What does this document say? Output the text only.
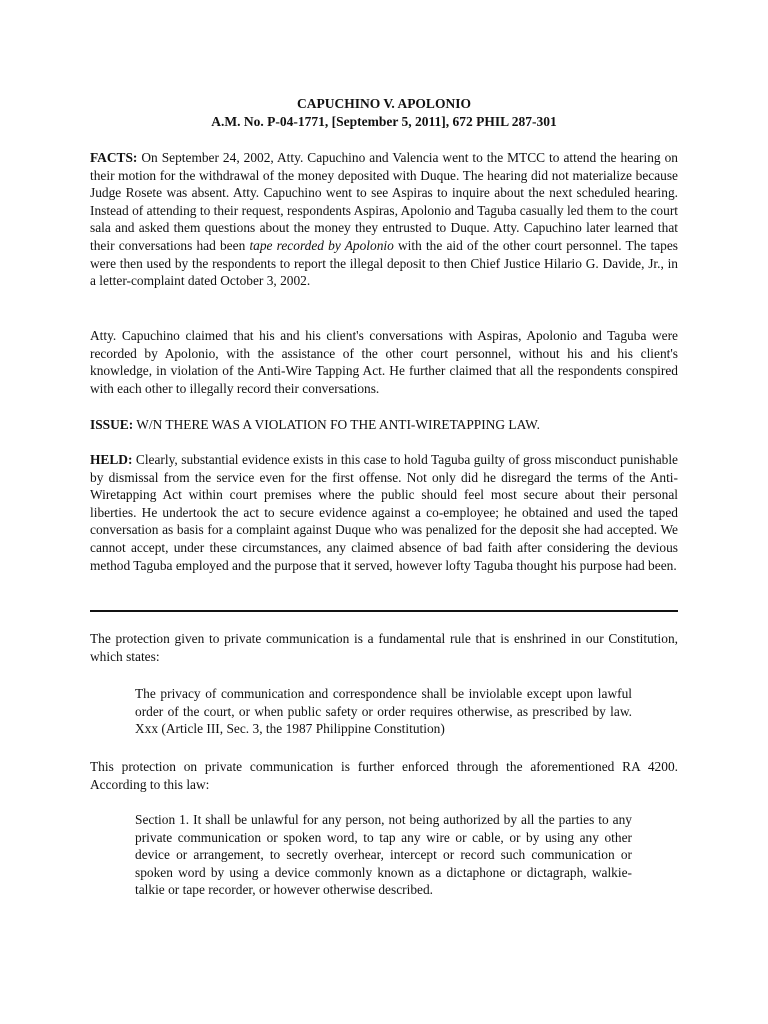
CAPUCHINO V. APOLONIO

A.M. No. P-04-1771, [September 5, 2011], 672 PHIL 287-301

FACTS: On September 24, 2002, Atty. Capuchino and Valencia went to the MTCC to attend the hearing on their motion for the withdrawal of the money deposited with Duque. The hearing did not materialize because Judge Rosete was absent. Atty. Capuchino went to see Aspiras to inquire about the next scheduled hearing. Instead of attending to their request, respondents Aspiras, Apolonio and Taguba casually led them to the court sala and asked them questions about the money they entrusted to Duque. Atty. Capuchino later learned that their conversations had been tape recorded by Apolonio with the aid of the other court personnel. The tapes were then used by the respondents to report the illegal deposit to then Chief Justice Hilario G. Davide, Jr., in a letter-complaint dated October 3, 2002.

Atty. Capuchino claimed that his and his client's conversations with Aspiras, Apolonio and Taguba were recorded by Apolonio, with the assistance of the other court personnel, without his and his client's knowledge, in violation of the Anti-Wire Tapping Act. He further claimed that all the respondents conspired with each other to illegally record their conversations.

ISSUE: W/N THERE WAS A VIOLATION FO THE ANTI-WIRETAPPING LAW.

HELD: Clearly, substantial evidence exists in this case to hold Taguba guilty of gross misconduct punishable by dismissal from the service even for the first offense. Not only did he disregard the terms of the Anti-Wiretapping Act within court premises where the public should feel most secure about their personal liberties. He undertook the act to secure evidence against a co-employee; he obtained and used the taped conversation as basis for a complaint against Duque who was penalized for the deposit she had accepted. We cannot accept, under these circumstances, any claimed absence of bad faith after considering the devious method Taguba employed and the purpose that it served, however lofty Taguba thought his purpose had been.

The protection given to private communication is a fundamental rule that is enshrined in our Constitution, which states:

The privacy of communication and correspondence shall be inviolable except upon lawful order of the court, or when public safety or order requires otherwise, as prescribed by law. Xxx (Article III, Sec. 3, the 1987 Philippine Constitution)

This protection on private communication is further enforced through the aforementioned RA 4200. According to this law:

Section 1. It shall be unlawful for any person, not being authorized by all the parties to any private communication or spoken word, to tap any wire or cable, or by using any other device or arrangement, to secretly overhear, intercept or record such communication or spoken word by using a device commonly known as a dictaphone or dictagraph, walkie-talkie or tape recorder, or however otherwise described.
